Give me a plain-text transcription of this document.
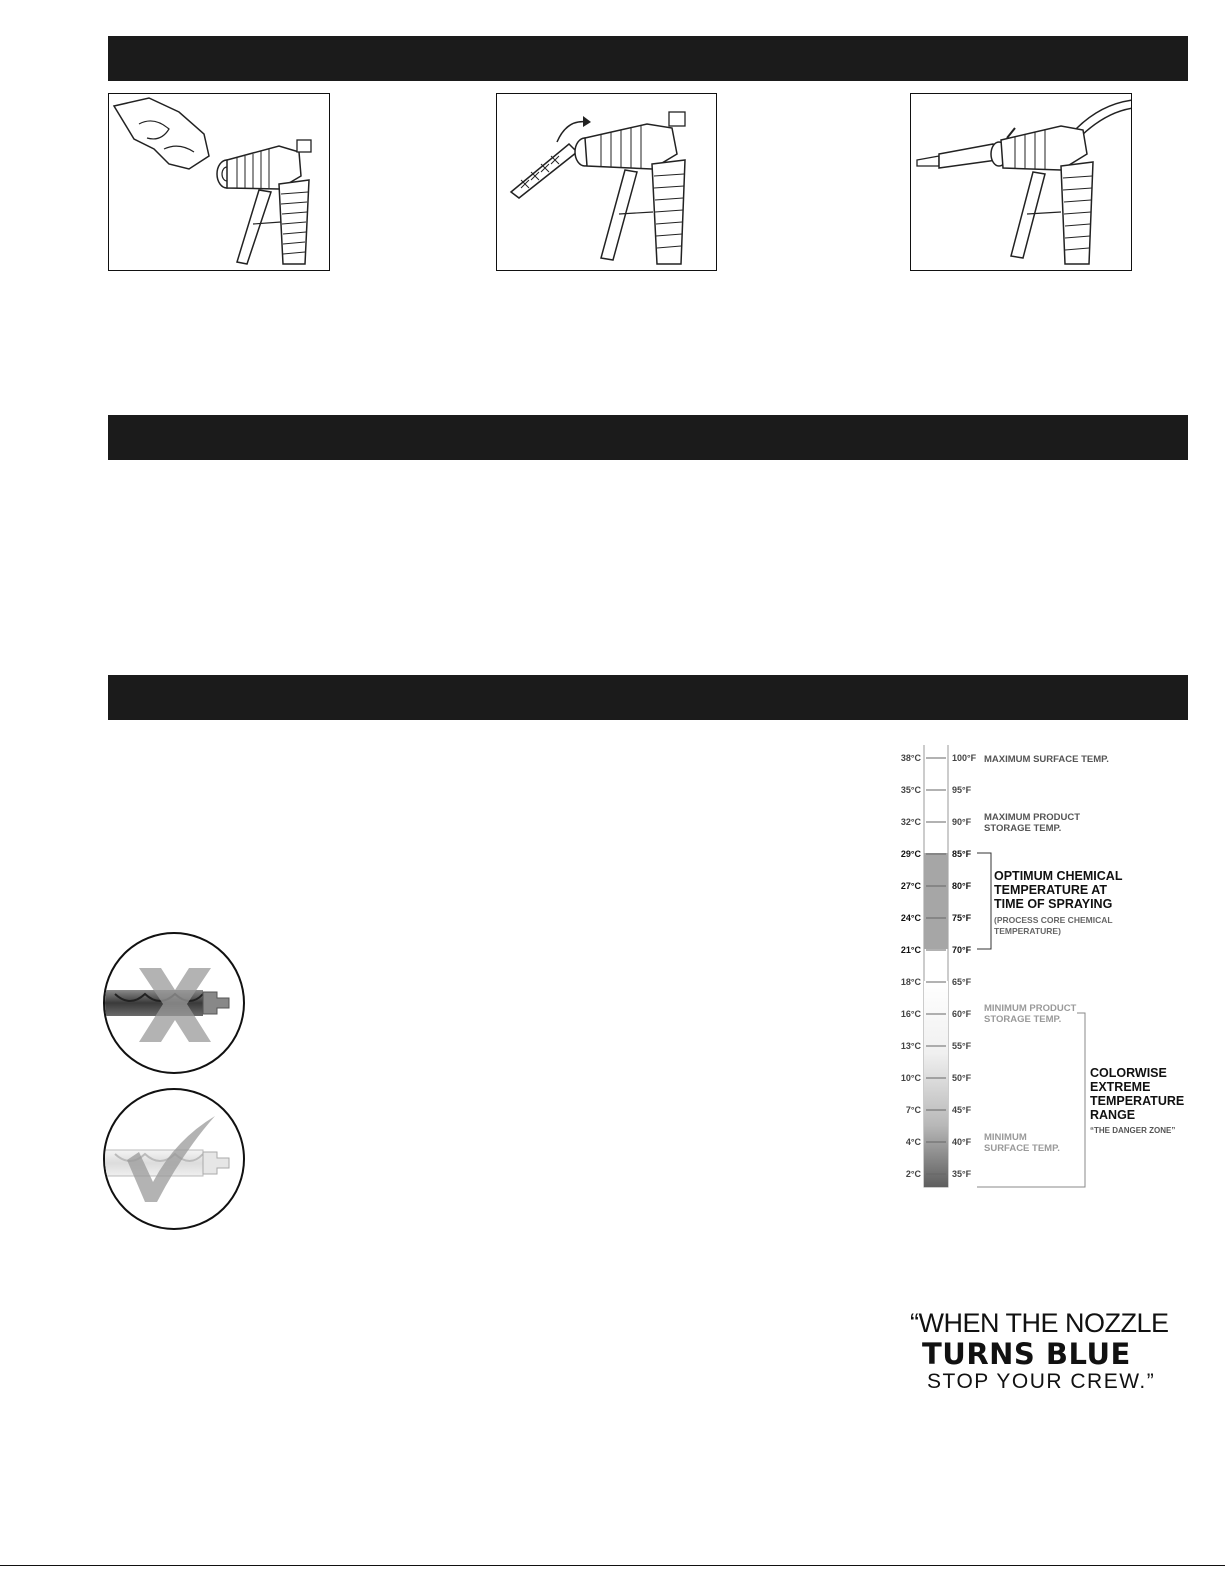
38°C	100°F
35°C	95°F
32°C	90°F
29°C	85°F
27°C	80°F
24°C	75°F
21°C	70°F
18°C	65°F
16°C	60°F
13°C	55°F
10°C	50°F
7°C	45°F
4°C	40°F
2°C	35°F
MAXIMUM SURFACE TEMP.
MAXIMUM PRODUCT
STORAGE TEMP.
OPTIMUM CHEMICAL
TEMPERATURE AT
TIME OF SPRAYING
(PROCESS CORE CHEMICAL
TEMPERATURE)
MINIMUM PRODUCT
STORAGE TEMP.
MINIMUM
SURFACE TEMP.
COLORWISE
EXTREME
TEMPERATURE
RANGE
“THE DANGER ZONE”
“WHEN THE NOZZLE
TURNS BLUE
STOP YOUR CREW.”
